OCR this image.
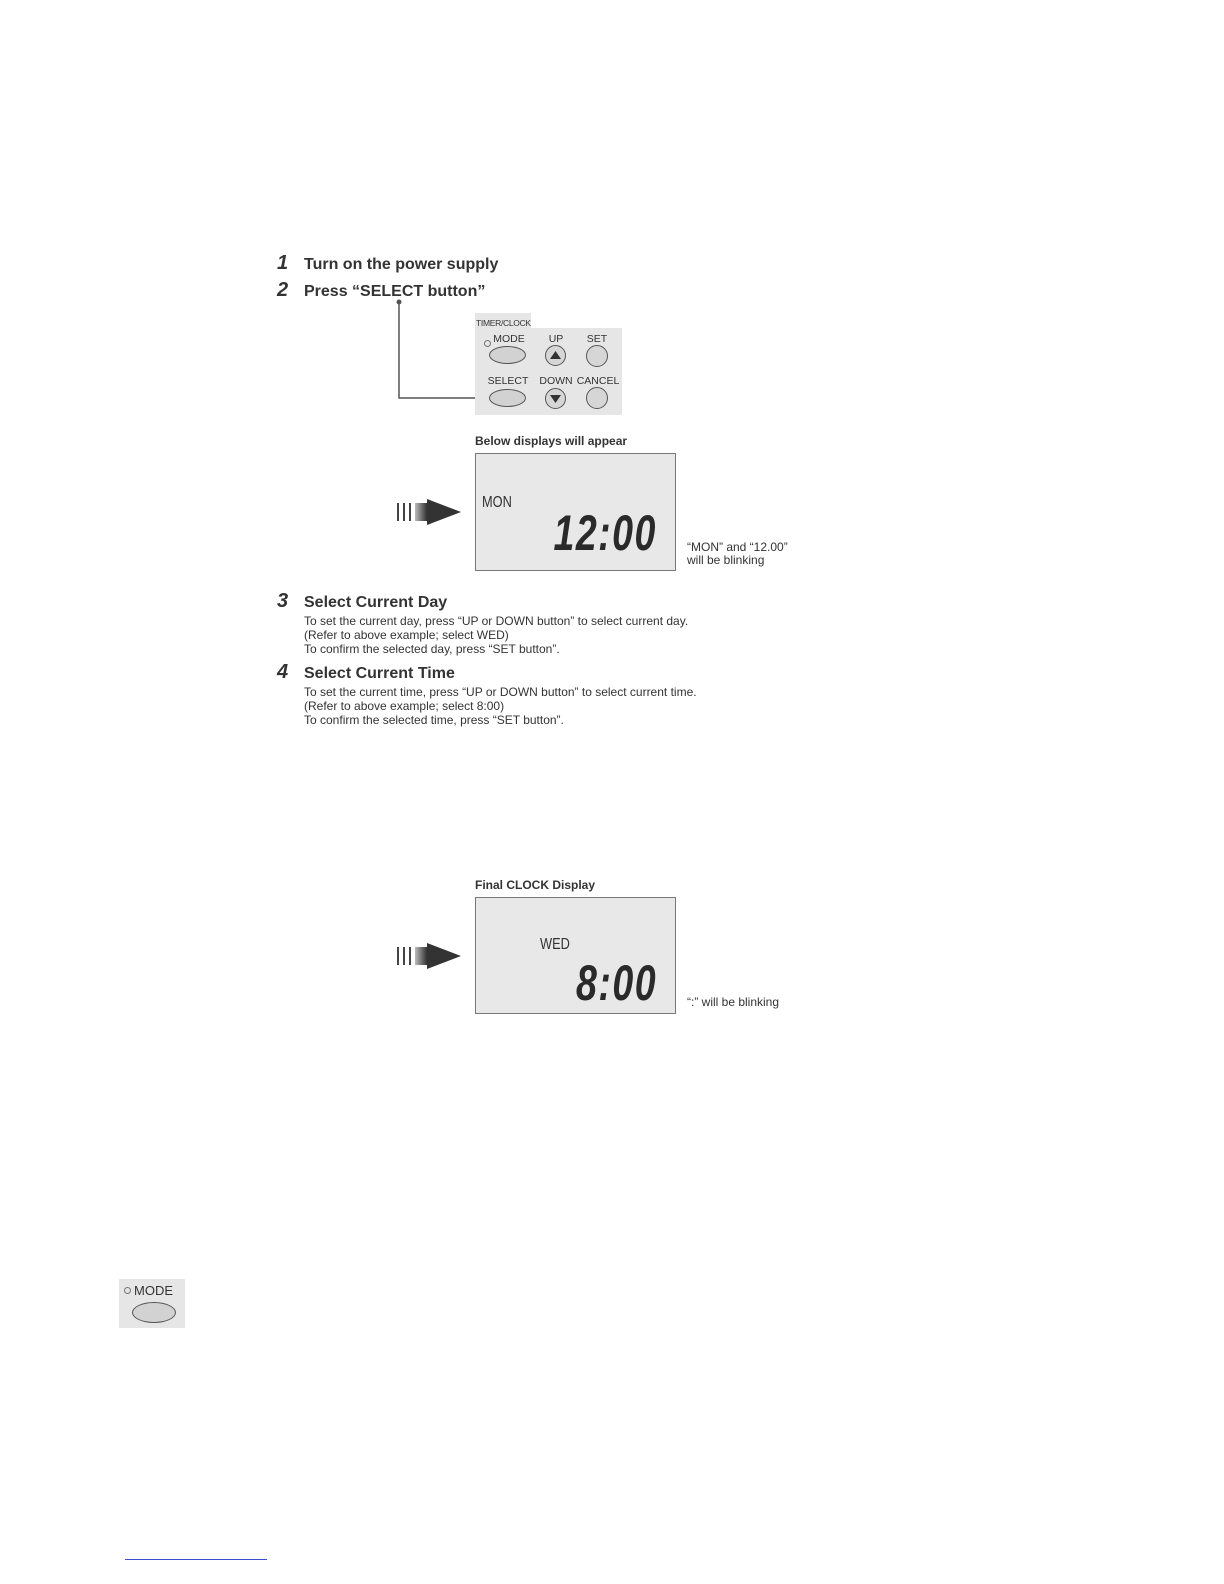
1 Turn on the power supply
2 Press “SELECT button”
TIMER/CLOCK
MODE	UP	SET
SELECT	DOWN CANCEL
Below displays will appear
MON
12:00	“MON” and “12.00”
will be blinking
3 Select Current Day
To set the current day, press “UP or DOWN button” to select current day.
(Refer to above example; select WED)
To confirm the selected day, press “SET button”.
4 Select Current Time
To set the current time, press “UP or DOWN button” to select current time.
(Refer to above example; select 8:00)
To confirm the selected time, press “SET button”.
Final CLOCK Display
WED
8:00	“:” will be blinking
MODE
